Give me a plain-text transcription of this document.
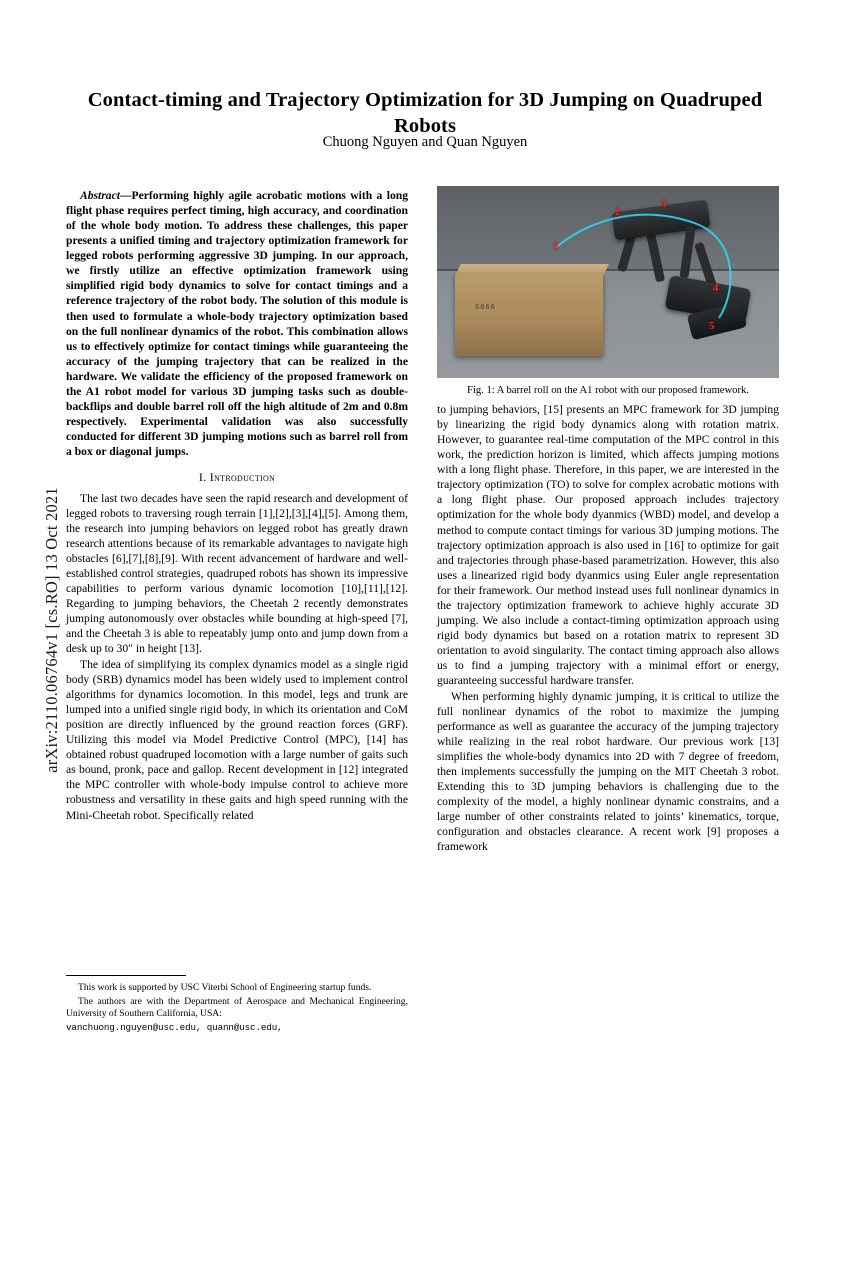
arXiv:2110.06764v1 [cs.RO] 13 Oct 2021
Contact-timing and Trajectory Optimization for 3D Jumping on Quadruped Robots
Chuong Nguyen and Quan Nguyen

Abstract—Performing highly agile acrobatic motions with a long flight phase requires perfect timing, high accuracy, and coordination of the whole body motion. To address these challenges, this paper presents a unified timing and trajectory optimization framework for legged robots performing aggressive 3D jumping. In our approach, we firstly utilize an effective optimization framework using simplified rigid body dynamics to solve for contact timings and a reference trajectory of the robot body. The solution of this module is then used to formulate a whole-body trajectory optimization based on the full nonlinear dynamics of the robot. This combination allows us to effectively optimize for contact timings while guaranteeing the accuracy of the jumping trajectory that can be realized in the hardware. We validate the efficiency of the proposed framework on the A1 robot model for various 3D jumping tasks such as double-backflips and double barrel roll off the high altitude of 2m and 0.8m respectively. Experimental validation was also successfully conducted for different 3D jumping motions such as barrel roll from a box or diagonal jumps.

I. Introduction

The last two decades have seen the rapid research and development of legged robots to traversing rough terrain [1],[2],[3],[4],[5]. Among them, the research into jumping behaviors on legged robot has greatly drawn research attentions because of its remarkable advantages to navigate high obstacles [6],[7],[8],[9]. With recent advancement of hardware and well-established control strategies, quadruped robots has shown its impressive capabilities to perform various dynamic locomotion [10],[11],[12]. Regarding to jumping behaviors, the Cheetah 2 recently demonstrates jumping autonomously over obstacles while bounding at high-speed [7], and the Cheetah 3 is able to repeatably jump onto and jump down from a desk up to 30″ in height [13].

The idea of simplifying its complex dynamics model as a single rigid body (SRB) dynamics model has been widely used to implement control algorithms for dynamics locomotion. In this model, legs and trunk are lumped into a unified single rigid body, in which its orientation and CoM position are directly influenced by the ground reaction forces (GRF). Utilizing this model via Model Predictive Control (MPC), [14] has obtained robust quadruped locomotion with a large number of gaits such as bound, pronk, pace and gallop. Recent development in [12] integrated the MPC controller with whole-body impulse control to achieve more robustness and versatility in these gaits and high speed running with the Mini-Cheetah robot. Specifically related

6066
1
2
3
4
5
Fig. 1: A barrel roll on the A1 robot with our proposed framework.

to jumping behaviors, [15] presents an MPC framework for 3D jumping by linearizing the rigid body dynamics along with rotation matrix. However, to guarantee real-time computation of the MPC control in this work, the prediction horizon is limited, which affects jumping motions with a long flight phase. Therefore, in this paper, we are interested in the trajectory optimization (TO) to solve for complex acrobatic motions with a long flight phase. Our proposed approach includes trajectory optimization for the whole body dyanmics (WBD) model, and develop a method to compute contact timings for various 3D jumping motions. The trajectory optimization approach is also used in [16] to optimize for gait and trajectories through phase-based parametrization. However, this also uses a linearized rigid body dyanmics using Euler angle representation for their framework. Our method instead uses full nonlinear dynamics in the trajectory optimization framework to achieve highly accurate 3D jumping. We also include a contact-timing optimization approach using rigid body dynamics but based on a rotation matrix to represent 3D orientation to avoid singularity. The contact timing approach also allows us to find a jumping trajectory with a minimal effort or energy, guaranteeing successful hardware transfer.

When performing highly dynamic jumping, it is critical to utilize the full nonlinear dynamics of the robot to maximize the jumping performance as well as guarantee the accuracy of the jumping trajectory while realizing in the real robot hardware. Our previous work [13] simplifies the whole-body dynamics into 2D with 7 degree of freedom, then implements successfully the jumping on the MIT Cheetah 3 robot. Extending this to 3D jumping behaviors is challenging due to the complexity of the model, a highly nonlinear dynamic constrains, and a large number of other constraints related to joints’ kinematics, torque, configuration and obstacles clearance. A recent work [9] proposes a framework

This work is supported by USC Viterbi School of Engineering startup funds.

The authors are with the Department of Aerospace and Mechanical Engineering, University of Southern California, USA:

vanchuong.nguyen@usc.edu, quann@usc.edu,
